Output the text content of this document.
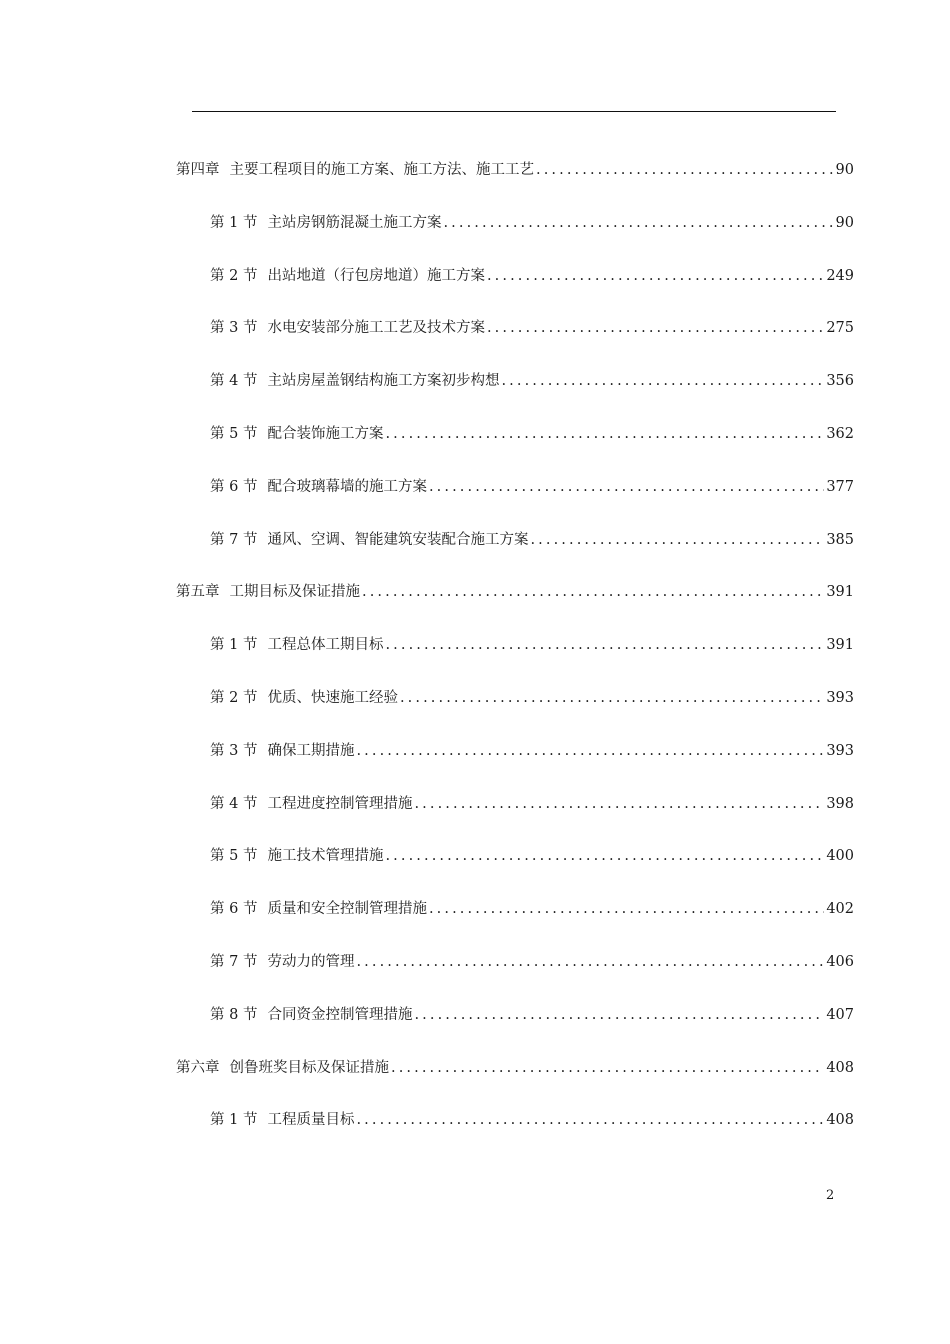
第四章 主要工程项目的施工方案、施工方法、施工工艺 .....	90
第 1 节 主站房钢筋混凝土施工方案 .....	90
第 2 节 出站地道（行包房地道）施工方案 .....	249
第 3 节 水电安装部分施工工艺及技术方案 .....	275
第 4 节 主站房屋盖钢结构施工方案初步构想 .....	356
第 5 节 配合装饰施工方案 .....	362
第 6 节 配合玻璃幕墙的施工方案 .....	377
第 7 节 通风、空调、智能建筑安装配合施工方案 .....	385
第五章 工期目标及保证措施 .....	391
第 1 节 工程总体工期目标 .....	391
第 2 节 优质、快速施工经验 .....	393
第 3 节 确保工期措施 .....	393
第 4 节 工程进度控制管理措施 .....	398
第 5 节 施工技术管理措施 .....	400
第 6 节 质量和安全控制管理措施 .....	402
第 7 节 劳动力的管理 .....	406
第 8 节 合同资金控制管理措施 .....	407
第六章 创鲁班奖目标及保证措施 .....	408
第 1 节 工程质量目标 .....	408
2
